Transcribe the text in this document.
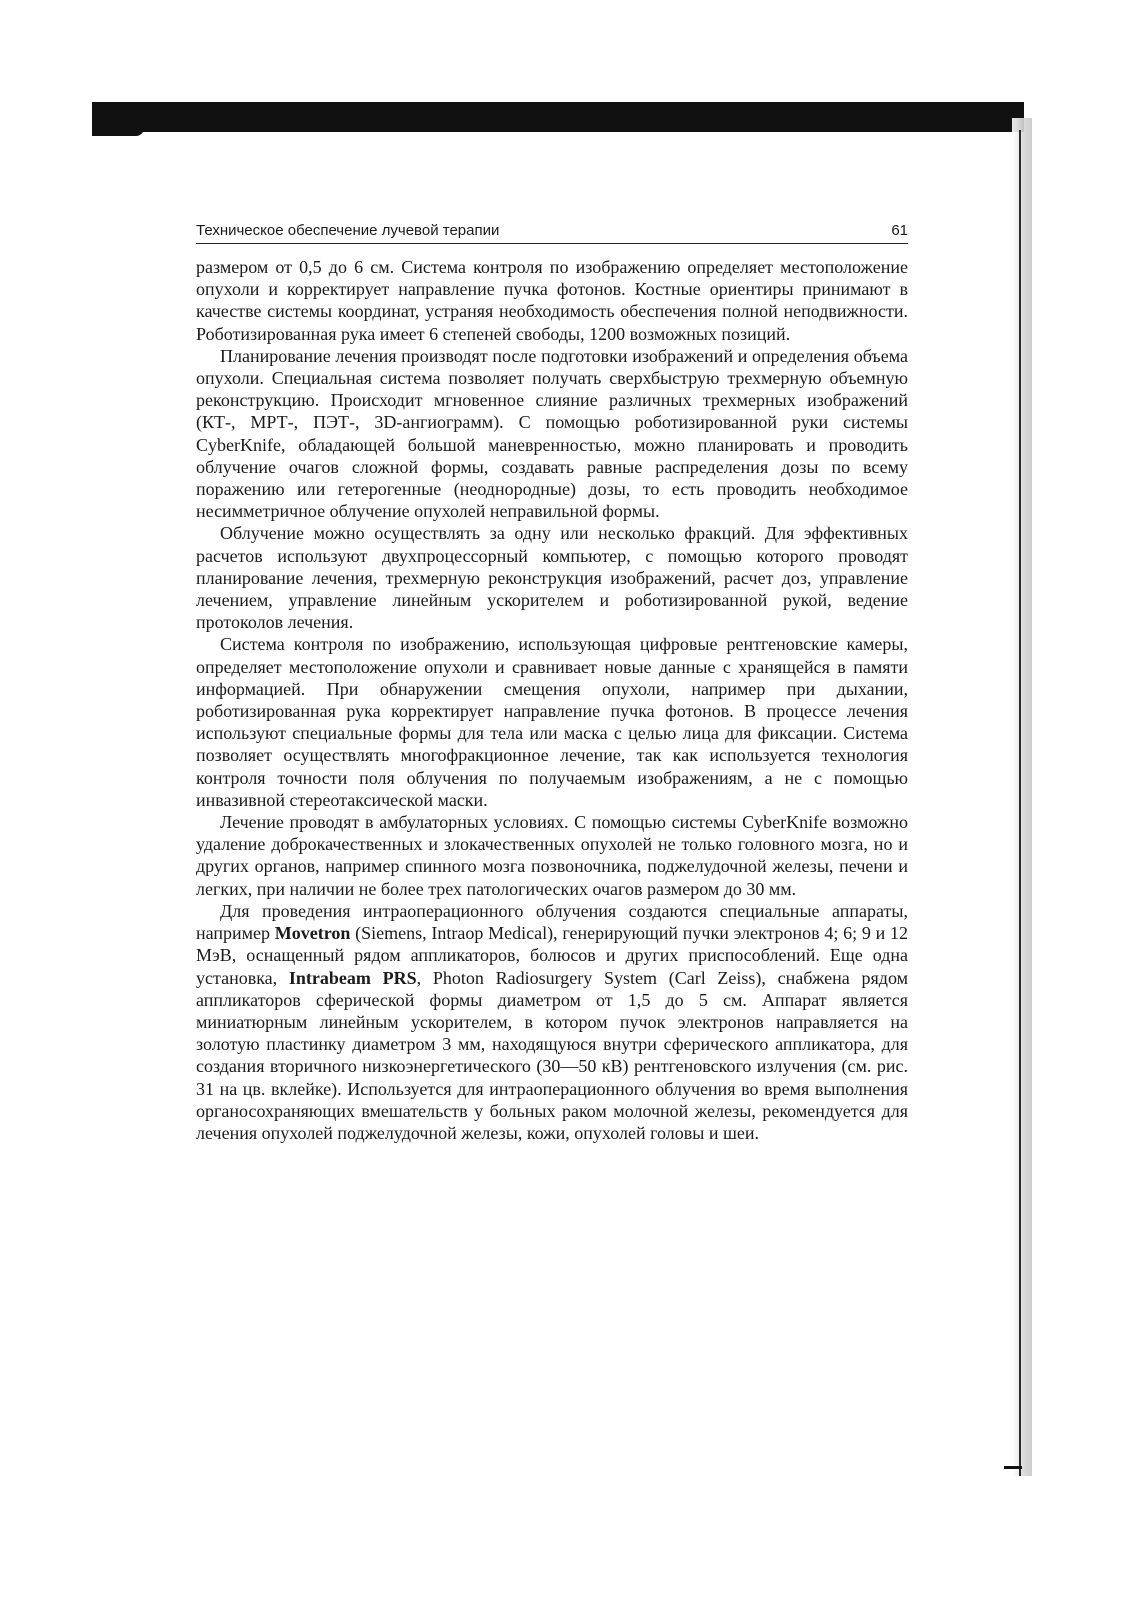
Техническое обеспечение лучевой терапии	61

размером от 0,5 до 6 см. Система контроля по изображению определяет местоположение опухоли и корректирует направление пучка фотонов. Костные ориентиры принимают в качестве системы координат, устраняя необходимость обеспечения полной неподвижности. Роботизированная рука имеет 6 степеней свободы, 1200 возможных позиций.

Планирование лечения производят после подготовки изображений и определения объема опухоли. Специальная система позволяет получать сверхбыструю трехмерную объемную реконструкцию. Происходит мгновенное слияние различных трехмерных изображений (КТ-, МРТ-, ПЭТ-, 3D-ангиограмм). С помощью роботизированной руки системы CyberKnife, обладающей большой маневренностью, можно планировать и проводить облучение очагов сложной формы, создавать равные распределения дозы по всему поражению или гетерогенные (неоднородные) дозы, то есть проводить необходимое несимметричное облучение опухолей неправильной формы.

Облучение можно осуществлять за одну или несколько фракций. Для эффективных расчетов используют двухпроцессорный компьютер, с помощью которого проводят планирование лечения, трехмерную реконструкция изображений, расчет доз, управление лечением, управление линейным ускорителем и роботизированной рукой, ведение протоколов лечения.

Система контроля по изображению, использующая цифровые рентгеновские камеры, определяет местоположение опухоли и сравнивает новые данные с хранящейся в памяти информацией. При обнаружении смещения опухоли, например при дыхании, роботизированная рука корректирует направление пучка фотонов. В процессе лечения используют специальные формы для тела или маска с целью лица для фиксации. Система позволяет осуществлять многофракционное лечение, так как используется технология контроля точности поля облучения по получаемым изображениям, а не с помощью инвазивной стереотаксической маски.

Лечение проводят в амбулаторных условиях. С помощью системы CyberKnife возможно удаление доброкачественных и злокачественных опухолей не только головного мозга, но и других органов, например спинного мозга позвоночника, поджелудочной железы, печени и легких, при наличии не более трех патологических очагов размером до 30 мм.

Для проведения интраоперационного облучения создаются специальные аппараты, например Movetron (Siemens, Intraop Medical), генерирующий пучки электронов 4; 6; 9 и 12 МэВ, оснащенный рядом аппликаторов, болюсов и других приспособлений. Еще одна установка, Intrabeam PRS, Photon Radiosurgery System (Carl Zeiss), снабжена рядом аппликаторов сферической формы диаметром от 1,5 до 5 см. Аппарат является миниатюрным линейным ускорителем, в котором пучок электронов направляется на золотую пластинку диаметром 3 мм, находящуюся внутри сферического аппликатора, для создания вторичного низкоэнергетического (30—50 кВ) рентгеновского излучения (см. рис. 31 на цв. вклейке). Используется для интраоперационного облучения во время выполнения органосохраняющих вмешательств у больных раком молочной железы, рекомендуется для лечения опухолей поджелудочной железы, кожи, опухолей головы и шеи.
